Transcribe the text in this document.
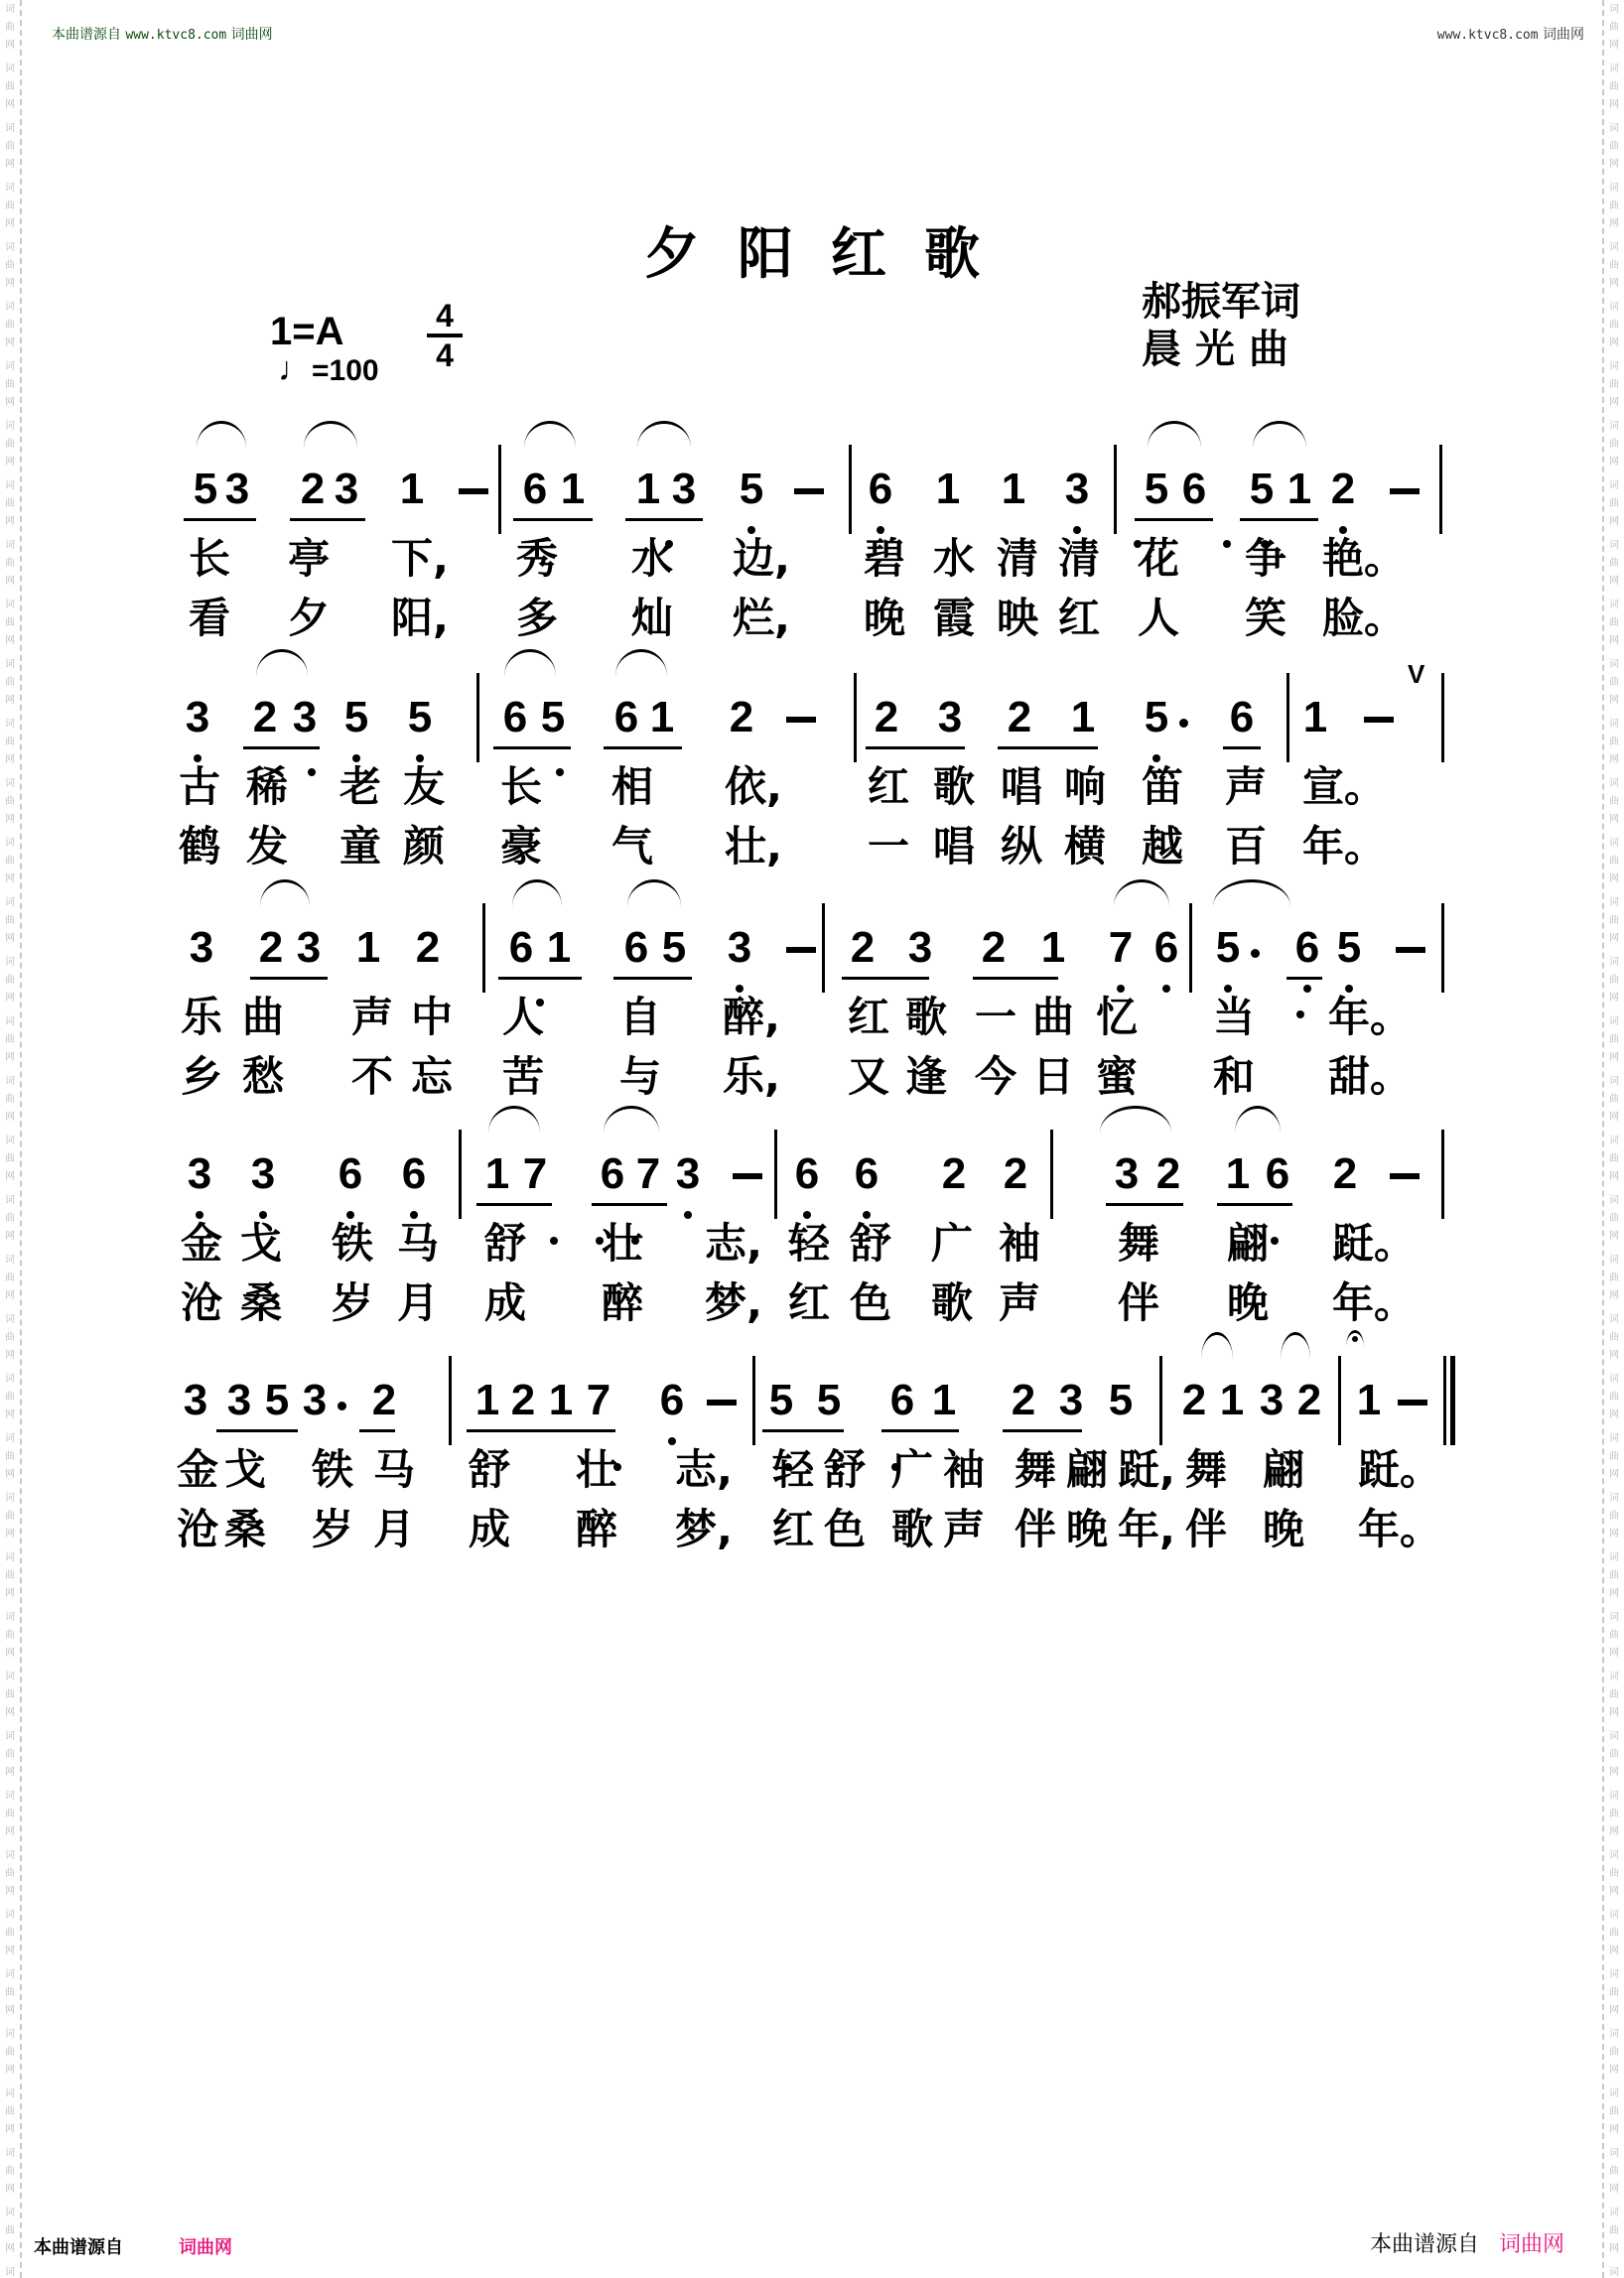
词
曲
网
词
曲
网
词
曲
网
词
曲
网
词
曲
网
词
曲
网
词
曲
网
词
曲
网
词
曲
网
词
曲
网
词
曲
网
词
曲
网
词
曲
网
词
曲
网
词
曲
网
词
曲
网
词
曲
网
词
曲
网
词
曲
网
词
曲
网
词
曲
网
词
曲
网
词
曲
网
词
曲
网
词
曲
网
词
曲
网
词
曲
网
词
曲
网
词
曲
网
词
曲
网
词
曲
网
词
曲
网
词
曲
网
词
曲
网
词
曲
网
词
曲
网
词
曲
网
词
曲
网
词
词
曲
网
词
曲
网
词
曲
网
词
曲
网
词
曲
网
词
曲
网
词
曲
网
词
曲
网
词
曲
网
词
曲
网
词
曲
网
词
曲
网
词
曲
网
词
曲
网
词
曲
网
词
曲
网
词
曲
网
词
曲
网
词
曲
网
词
曲
网
词
曲
网
词
曲
网
词
曲
网
词
曲
网
词
曲
网
词
曲
网
词
曲
网
词
曲
网
词
曲
网
词
曲
网
词
曲
网
词
曲
网
词
曲
网
词
曲
网
词
曲
网
词
曲
网
词
曲
网
词
曲
网
词
本曲谱源自 www.ktvc8.com 词曲网	www.ktvc8.com 词曲网
夕阳红歌
1=A
♩=100
4
4
郝振军词
晨光曲
5 3 2 3 1 6 1 1 3 5 6 1 1 3 5 6 5 1 2
长 亭 下, 秀 水 边, 碧 水 清 清 花 争 艳。
看 夕 阳, 多 灿 烂, 晚 霞 映 红 人 笑 脸。
3 2 3 5 5 6 5 6 1 2	2 3 2 1 5 6 1
V
古 稀 老 友 长 相 依, 红 歌 唱 响 笛 声 宣。
鹤 发 童 颜 豪 气 壮, 一 唱 纵 横 越 百 年。
3 2 3 1 2 6 1 6 5 3 2 3 2 1 7 6 5 6 5
乐 曲 声 中 人 自 醉, 红 歌 一 曲 忆 当 年。
乡 愁 不 忘 苦 与 乐, 又 逢 今 日 蜜 和 甜。
3 3 6 6 1 7 6 7 3 6 6 2 2 3 2 1 6 2
金 戈 铁 马 舒 壮 志, 轻 舒 广 袖 舞 翩 跹。
沧 桑 岁 月 成 醉 梦, 红 色 歌 声 伴 晚 年。
3 3 5 3 2 1 2 1 7 6 5 5 6 1 2 3 5 2 1 3 2 1
金 戈 铁 马 舒 壮 志, 轻 舒 广 袖 舞 翩 跹, 舞 翩 跹。
沧 桑 岁 月 成 醉 梦, 红 色 歌 声 伴 晚 年, 伴 晚 年。
本曲谱源自	词曲网	本曲谱源自 词曲网
